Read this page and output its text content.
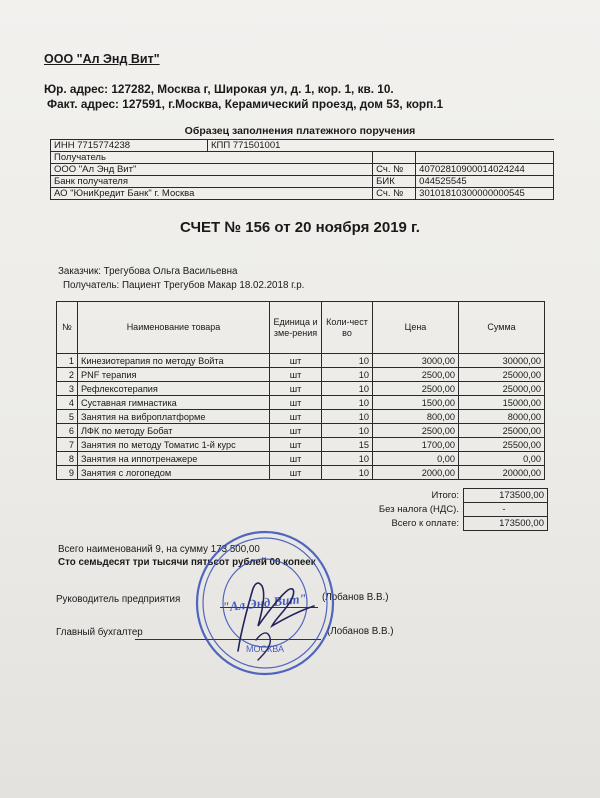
ООО "Ал Энд Вит"
Юр. адрес: 127282, Москва г, Широкая ул, д. 1, кор. 1, кв. 10.
Факт. адрес: 127591, г.Москва, Керамический проезд, дом 53, корп.1
Образец заполнения платежного поручения
ИНН 7715774238	КПП 771501001		
Получатель			
ООО "Ал Энд Вит"		Сч. №	40702810900014024244
Банк получателя		БИК	044525545
АО "ЮниКредит Банк" г. Москва		Сч. №	30101810300000000545
СЧЕТ № 156 от 20 ноября 2019 г.
Заказчик: Трегубова Ольга Васильевна
Получатель: Пациент Трегубов Макар 18.02.2018 г.р.
№	Наименование товара	Единица изме-рения	Коли-чество	Цена	Сумма
1	Кинезиотерапия по методу Войта	шт	10	3000,00	30000,00
2	PNF терапия	шт	10	2500,00	25000,00
3	Рефлексотерапия	шт	10	2500,00	25000,00
4	Суставная гимнастика	шт	10	1500,00	15000,00
5	Занятия на виброплатформе	шт	10	800,00	8000,00
6	ЛФК по методу Бобат	шт	10	2500,00	25000,00
7	Занятия по методу Томатис 1-й курс	шт	15	1700,00	25500,00
8	Занятия на иппотренажере	шт	10	0,00	0,00
9	Занятия с логопедом	шт	10	2000,00	20000,00
Итого:	173500,00
Без налога (НДС).	-
Всего к оплате:	173500,00
Всего наименований 9, на сумму 173 500,00
Сто семьдесят три тысячи пятьсот рублей 00 копеек
Руководитель предприятия	(Лобанов В.В.)
Главный бухгалтер	(Лобанов В.В.)
"Ал Энд Вит"
МОСКВА
